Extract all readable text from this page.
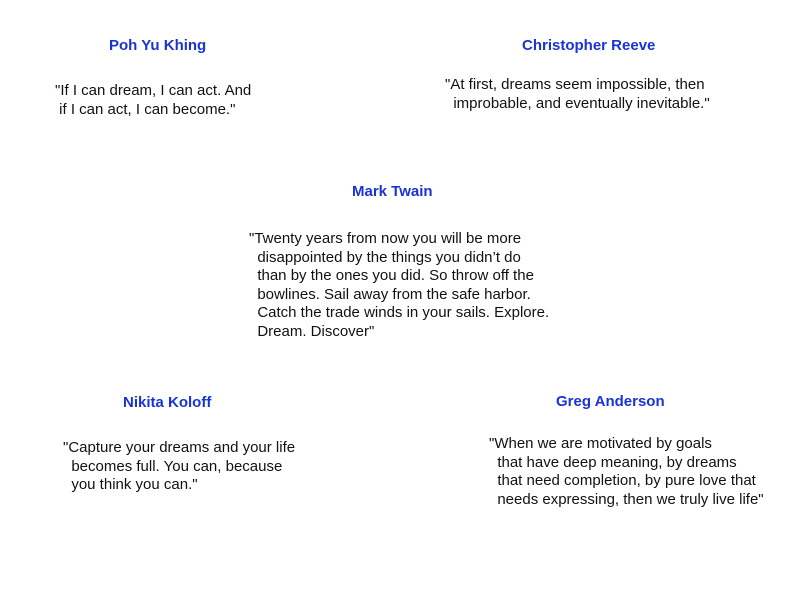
Poh Yu Khing
"If I can dream, I can act. And
if I can act, I can become."
Christopher Reeve
"At first, dreams seem impossible, then
improbable, and eventually inevitable."
Mark Twain
"Twenty years from now you will be more
disappointed by the things you didn’t do
than by the ones you did. So throw off the
bowlines. Sail away from the safe harbor.
Catch the trade winds in your sails. Explore.
Dream. Discover"
Nikita Koloff
"Capture your dreams and your life
becomes full. You can, because
you think you can."
Greg Anderson
"When we are motivated by goals
that have deep meaning, by dreams
that need completion, by pure love that
needs expressing, then we truly live life"
